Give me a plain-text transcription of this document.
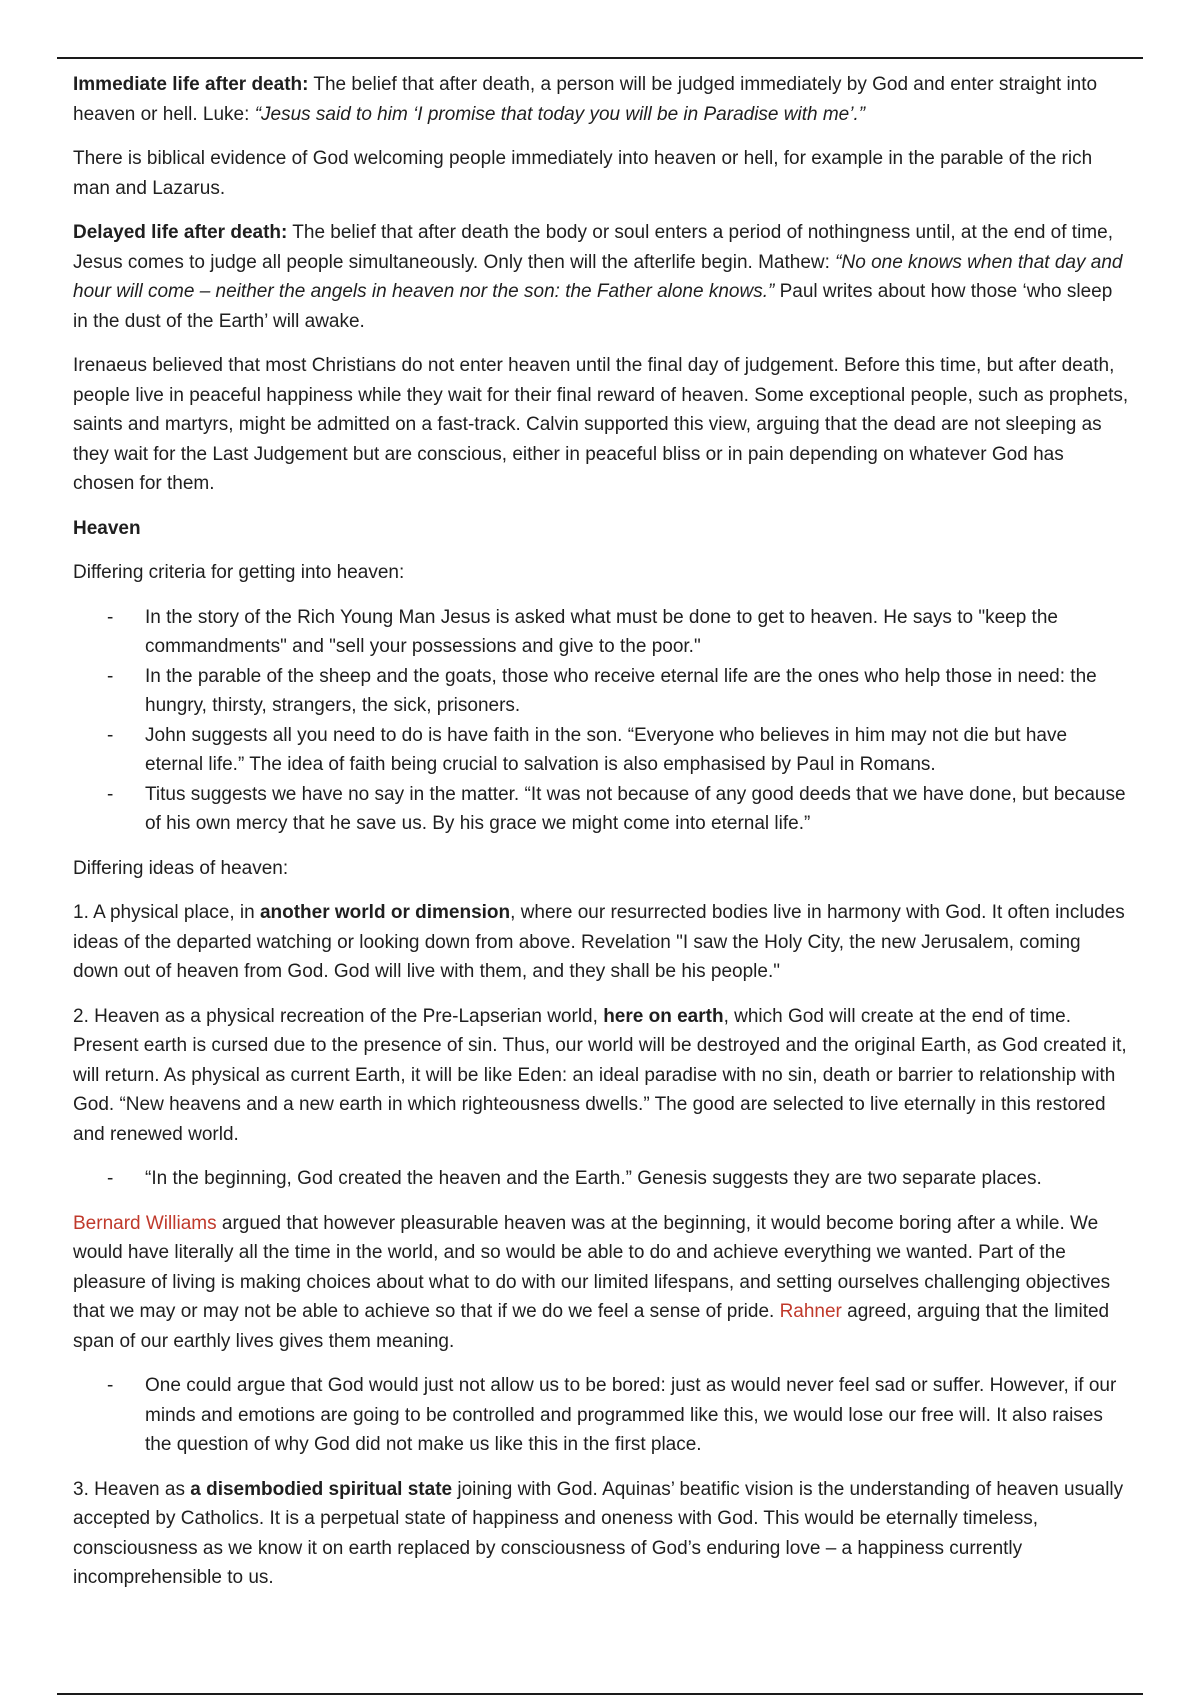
Immediate life after death: The belief that after death, a person will be judged immediately by God and enter straight into heaven or hell. Luke: “Jesus said to him ‘I promise that today you will be in Paradise with me’.”

There is biblical evidence of God welcoming people immediately into heaven or hell, for example in the parable of the rich man and Lazarus.

Delayed life after death: The belief that after death the body or soul enters a period of nothingness until, at the end of time, Jesus comes to judge all people simultaneously. Only then will the afterlife begin. Mathew: “No one knows when that day and hour will come – neither the angels in heaven nor the son: the Father alone knows.” Paul writes about how those ‘who sleep in the dust of the Earth’ will awake.

Irenaeus believed that most Christians do not enter heaven until the final day of judgement. Before this time, but after death, people live in peaceful happiness while they wait for their final reward of heaven. Some exceptional people, such as prophets, saints and martyrs, might be admitted on a fast-track. Calvin supported this view, arguing that the dead are not sleeping as they wait for the Last Judgement but are conscious, either in peaceful bliss or in pain depending on whatever God has chosen for them.

Heaven

Differing criteria for getting into heaven:

- In the story of the Rich Young Man Jesus is asked what must be done to get to heaven. He says to "keep the commandments" and "sell your possessions and give to the poor."
- In the parable of the sheep and the goats, those who receive eternal life are the ones who help those in need: the hungry, thirsty, strangers, the sick, prisoners.
- John suggests all you need to do is have faith in the son. “Everyone who believes in him may not die but have eternal life.” The idea of faith being crucial to salvation is also emphasised by Paul in Romans.
- Titus suggests we have no say in the matter. “It was not because of any good deeds that we have done, but because of his own mercy that he save us. By his grace we might come into eternal life.”

Differing ideas of heaven:

1. A physical place, in another world or dimension, where our resurrected bodies live in harmony with God. It often includes ideas of the departed watching or looking down from above. Revelation "I saw the Holy City, the new Jerusalem, coming down out of heaven from God. God will live with them, and they shall be his people."

2. Heaven as a physical recreation of the Pre-Lapserian world, here on earth, which God will create at the end of time. Present earth is cursed due to the presence of sin. Thus, our world will be destroyed and the original Earth, as God created it, will return. As physical as current Earth, it will be like Eden: an ideal paradise with no sin, death or barrier to relationship with God. “New heavens and a new earth in which righteousness dwells.” The good are selected to live eternally in this restored and renewed world.

- “In the beginning, God created the heaven and the Earth.” Genesis suggests they are two separate places.

Bernard Williams argued that however pleasurable heaven was at the beginning, it would become boring after a while. We would have literally all the time in the world, and so would be able to do and achieve everything we wanted. Part of the pleasure of living is making choices about what to do with our limited lifespans, and setting ourselves challenging objectives that we may or may not be able to achieve so that if we do we feel a sense of pride. Rahner agreed, arguing that the limited span of our earthly lives gives them meaning.

- One could argue that God would just not allow us to be bored: just as would never feel sad or suffer. However, if our minds and emotions are going to be controlled and programmed like this, we would lose our free will. It also raises the question of why God did not make us like this in the first place.

3. Heaven as a disembodied spiritual state joining with God. Aquinas’ beatific vision is the understanding of heaven usually accepted by Catholics. It is a perpetual state of happiness and oneness with God. This would be eternally timeless, consciousness as we know it on earth replaced by consciousness of God’s enduring love – a happiness currently incomprehensible to us.
